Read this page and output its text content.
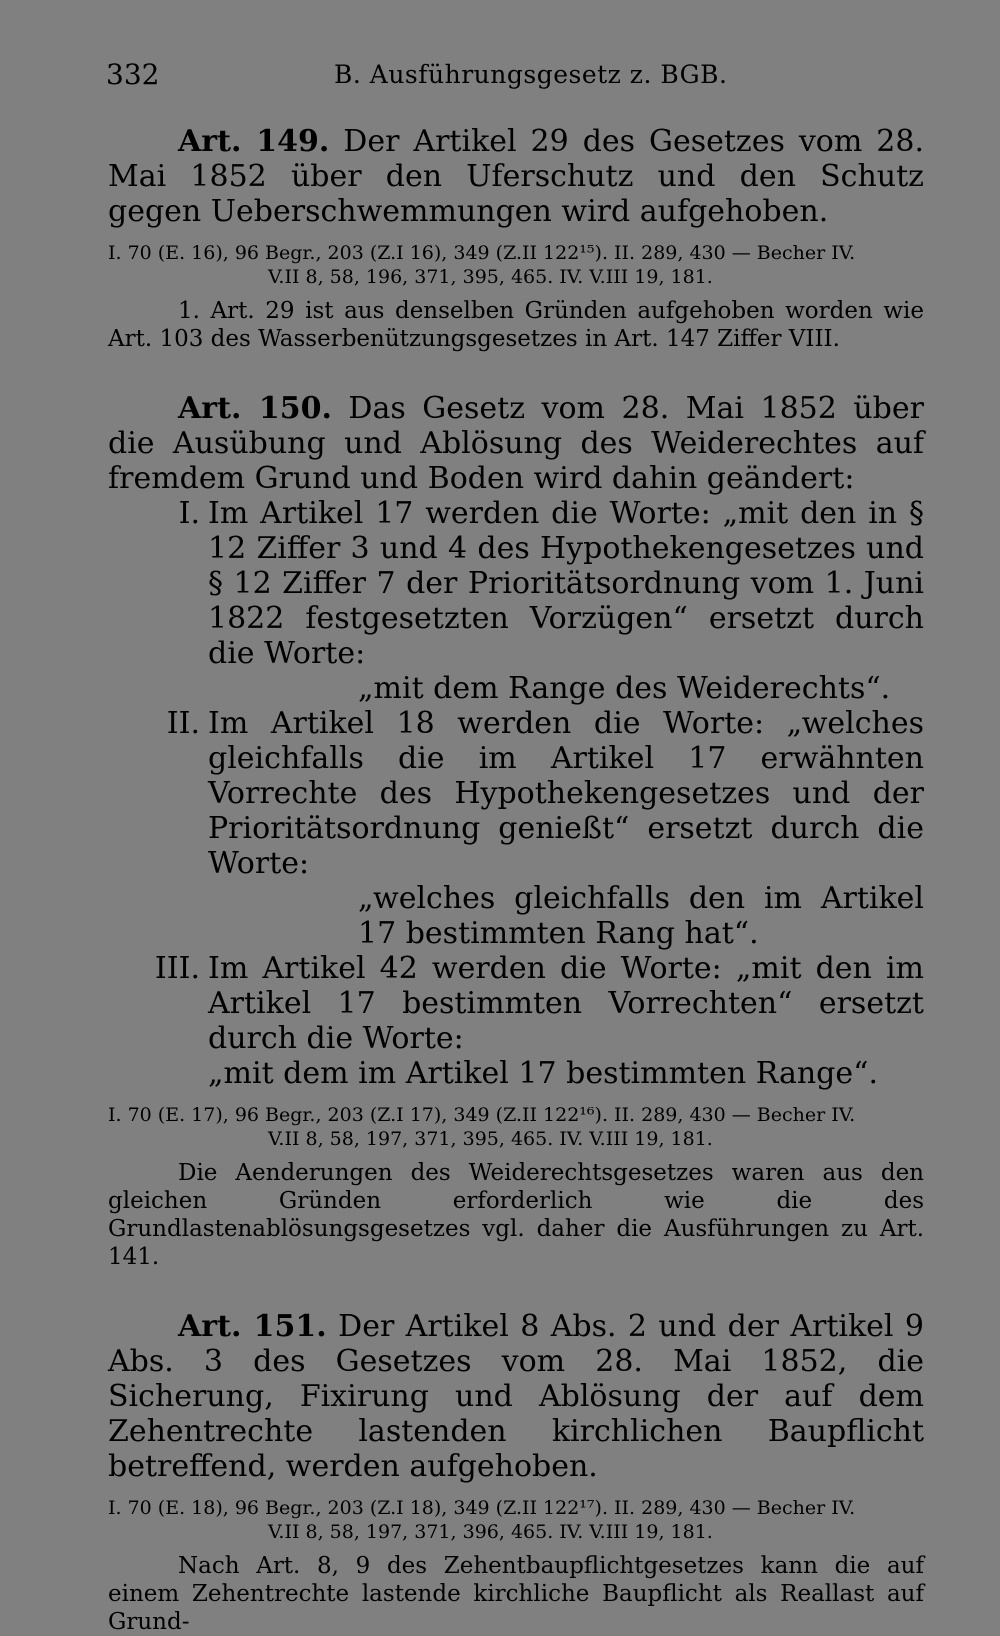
332	B. Ausführungsgesetz z. BGB.

Art. 149. Der Artikel 29 des Gesetzes vom 28. Mai 1852 über den Uferschutz und den Schutz gegen Ueberschwemmungen wird aufgehoben.

I. 70 (E. 16), 96 Begr., 203 (Z.I 16), 349 (Z.II 122¹⁵). II. 289, 430 — Becher IV.
V.II 8, 58, 196, 371, 395, 465. IV. V.III 19, 181.

1. Art. 29 ist aus denselben Gründen aufgehoben worden wie Art. 103 des Wasserbenützungsgesetzes in Art. 147 Ziffer VIII.

Art. 150. Das Gesetz vom 28. Mai 1852 über die Ausübung und Ablösung des Weiderechtes auf fremdem Grund und Boden wird dahin geändert:

I. Im Artikel 17 werden die Worte: „mit den in § 12 Ziffer 3 und 4 des Hypothekengesetzes und § 12 Ziffer 7 der Prioritätsordnung vom 1. Juni 1822 festgesetzten Vorzügen“ ersetzt durch die Worte:
„mit dem Range des Weiderechts“.
II. Im Artikel 18 werden die Worte: „welches gleichfalls die im Artikel 17 erwähnten Vorrechte des Hypothekengesetzes und der Prioritätsordnung genießt“ ersetzt durch die Worte:
„welches gleichfalls den im Artikel 17 bestimmten Rang hat“.
III. Im Artikel 42 werden die Worte: „mit den im Artikel 17 bestimmten Vorrechten“ ersetzt durch die Worte:
„mit dem im Artikel 17 bestimmten Range“.

I. 70 (E. 17), 96 Begr., 203 (Z.I 17), 349 (Z.II 122¹⁶). II. 289, 430 — Becher IV.
V.II 8, 58, 197, 371, 395, 465. IV. V.III 19, 181.

Die Aenderungen des Weiderechtsgesetzes waren aus den gleichen Gründen erforderlich wie die des Grundlastenablösungsgesetzes vgl. daher die Ausführungen zu Art. 141.

Art. 151. Der Artikel 8 Abs. 2 und der Artikel 9 Abs. 3 des Gesetzes vom 28. Mai 1852, die Sicherung, Fixirung und Ablösung der auf dem Zehentrechte lastenden kirchlichen Baupflicht betreffend, werden aufgehoben.

I. 70 (E. 18), 96 Begr., 203 (Z.I 18), 349 (Z.II 122¹⁷). II. 289, 430 — Becher IV.
V.II 8, 58, 197, 371, 396, 465. IV. V.III 19, 181.

Nach Art. 8, 9 des Zehentbaupflichtgesetzes kann die auf einem Zehentrechte lastende kirchliche Baupflicht als Reallast auf Grund-
